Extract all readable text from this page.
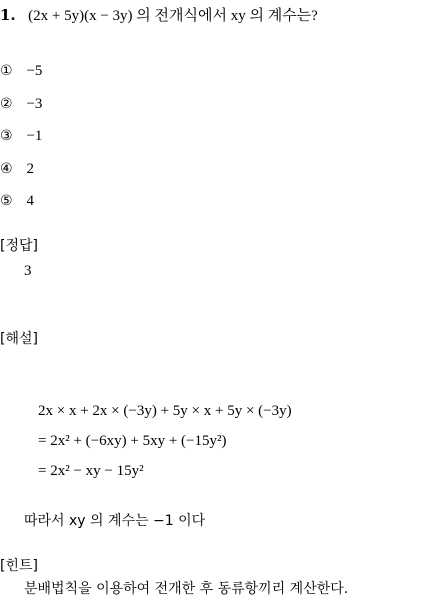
1. (2x + 5y)(x − 3y) 의 전개식에서 xy 의 계수는?
① −5
② −3
③ −1
④ 2
⑤ 4
[정답]
3
[해설]
2x × x + 2x × (−3y) + 5y × x + 5y × (−3y)
= 2x² + (−6xy) + 5xy + (−15y²)
= 2x² − xy − 15y²
따라서 xy 의 계수는 −1 이다
[힌트]
분배법칙을 이용하여 전개한 후 동류항끼리 계산한다.
